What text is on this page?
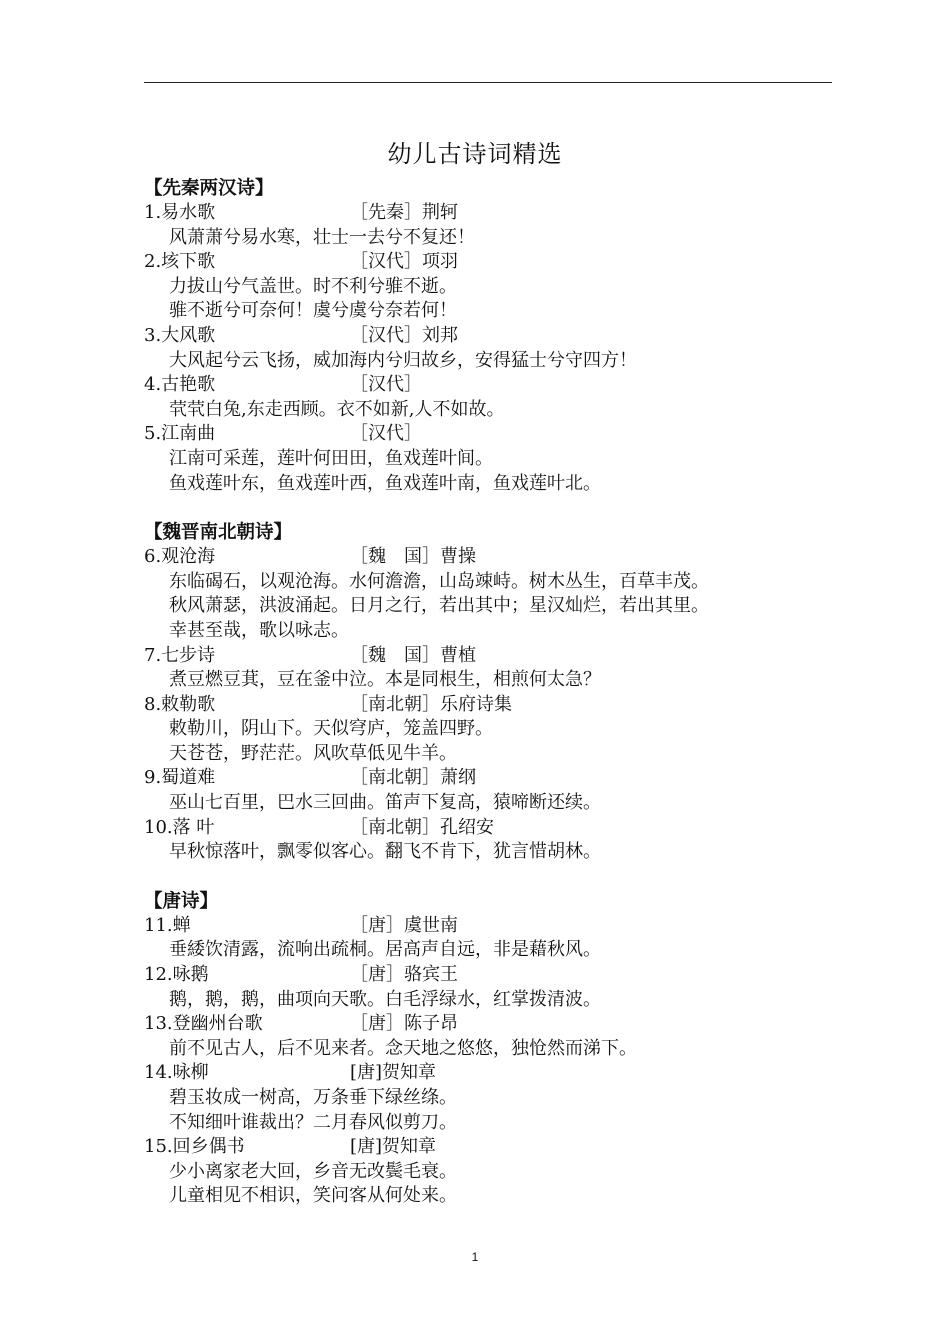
幼儿古诗词精选
【先秦两汉诗】
1.易水歌	［先秦］荆轲
风萧萧兮易水寒，壮士一去兮不复还！
2.垓下歌	［汉代］项羽
力拔山兮气盖世。时不利兮骓不逝。
骓不逝兮可奈何！虞兮虞兮奈若何！
3.大风歌	［汉代］刘邦
大风起兮云飞扬，威加海内兮归故乡，安得猛士兮守四方！
4.古艳歌	［汉代］
茕茕白兔,东走西顾。衣不如新,人不如故。
5.江南曲	［汉代］
江南可采莲，莲叶何田田，鱼戏莲叶间。
鱼戏莲叶东，鱼戏莲叶西，鱼戏莲叶南，鱼戏莲叶北。
【魏晋南北朝诗】
6.观沧海	［魏　国］曹操
东临碣石，以观沧海。水何澹澹，山岛竦峙。树木丛生，百草丰茂。
秋风萧瑟，洪波涌起。日月之行，若出其中；星汉灿烂，若出其里。
幸甚至哉，歌以咏志。
7.七步诗	［魏　国］曹植
煮豆燃豆萁，豆在釜中泣。本是同根生，相煎何太急？
8.敕勒歌	［南北朝］乐府诗集
敕勒川，阴山下。天似穹庐，笼盖四野。
天苍苍，野茫茫。风吹草低见牛羊。
9.蜀道难	［南北朝］萧纲
巫山七百里，巴水三回曲。笛声下复高，猿啼断还续。
10.落 叶	［南北朝］孔绍安
早秋惊落叶，飘零似客心。翻飞不肯下，犹言惜胡林。
【唐诗】
11.蝉	［唐］虞世南
垂緌饮清露，流响出疏桐。居高声自远，非是藉秋风。
12.咏鹅	［唐］骆宾王
鹅，鹅，鹅，曲项向天歌。白毛浮绿水，红掌拨清波。
13.登幽州台歌	［唐］陈子昂
前不见古人，后不见来者。念天地之悠悠，独怆然而涕下。
14.咏柳	[唐]贺知章
碧玉妆成一树高，万条垂下绿丝绦。
不知细叶谁裁出？二月春风似剪刀。
15.回乡偶书	[唐]贺知章
少小离家老大回，乡音无改鬓毛衰。
儿童相见不相识，笑问客从何处来。
1
